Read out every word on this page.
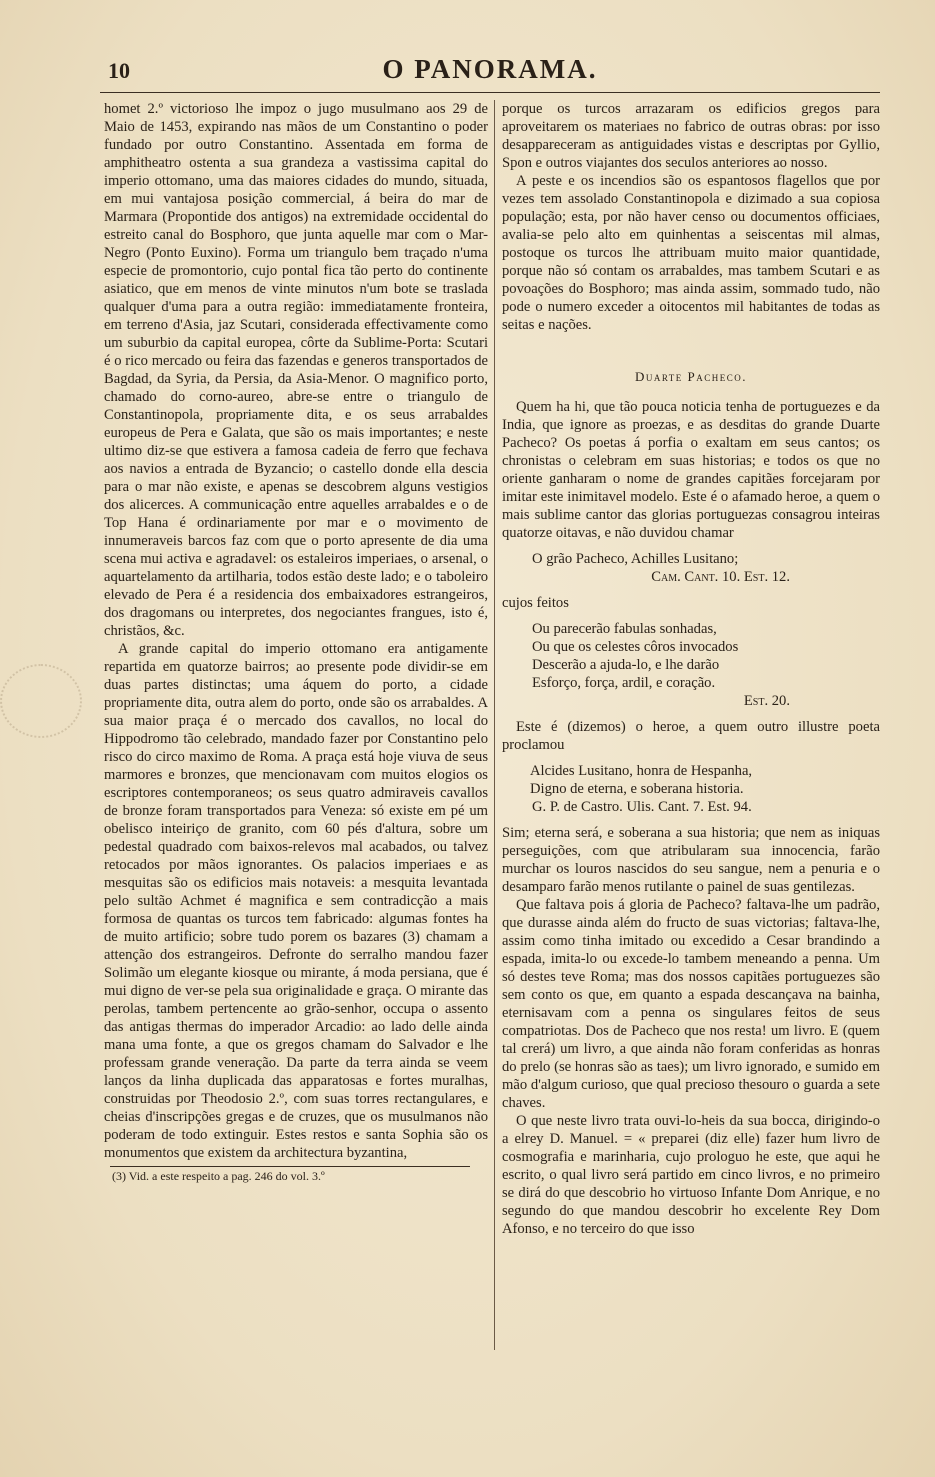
10	O PANORAMA.

homet 2.º victorioso lhe impoz o jugo musulmano aos 29 de Maio de 1453, expirando nas mãos de um Constantino o poder fundado por outro Constantino. Assentada em forma de amphitheatro ostenta a sua grandeza a vastissima capital do imperio ottomano, uma das maiores cidades do mundo, situada, em mui vantajosa posição commercial, á beira do mar de Marmara (Propontide dos antigos) na extremidade occidental do estreito canal do Bosphoro, que junta aquelle mar com o Mar-Negro (Ponto Euxino). Forma um triangulo bem traçado n'uma especie de promontorio, cujo pontal fica tão perto do continente asiatico, que em menos de vinte minutos n'um bote se trasladа qualquer d'uma para a outra região: immediatamente fronteira, em terreno d'Asia, jaz Scutari, considerada effectivamente como um suburbio da capital europea, côrte da Sublime-Porta: Scutari é o rico mercado ou feira das fazendas e generos transportados de Bagdad, da Syria, da Persia, da Asia-Menor. O magnifico porto, chamado do corno-aureo, abre-se entre o triangulo de Constantinopola, propriamente dita, e os seus arrabaldes europeus de Pera e Galata, que são os mais importantes; e neste ultimo diz-se que estivera a famosa cadeia de ferro que fechava aos navios a entrada de Byzancio; o castello donde ella descia para o mar não existe, e apenas se descobrem alguns vestigios dos alicerces. A communicação entre aquelles arrabaldes e o de Top Hana é ordinariamente por mar e o movimento de innumeraveis barcos faz com que o porto apresente de dia uma scena mui activa e agradavel: os estaleiros imperiaes, o arsenal, o aquartelamento da artilharia, todos estão deste lado; e o taboleiro elevado de Pera é a residencia dos embaixadores estrangeiros, dos dragomans ou interpretes, dos negociantes frangues, isto é, christãos, &c.

A grande capital do imperio ottomano era antigamente repartida em quatorze bairros; ao presente pode dividir-se em duas partes distinctas; uma áquem do porto, a cidade propriamente dita, outra alem do porto, onde são os arrabaldes. A sua maior praça é o mercado dos cavallos, no local do Hippodromo tão celebrado, mandado fazer por Constantino pelo risco do circo maximo de Roma. A praça está hoje viuva de seus marmores e bronzes, que mencionavam com muitos elogios os escriptores contemporaneos; os seus quatro admiraveis cavallos de bronze foram transportados para Veneza: só existe em pé um obelisco inteiriço de granito, com 60 pés d'altura, sobre um pedestal quadrado com baixos-relevos mal acabados, ou talvez retocados por mãos ignorantes. Os palacios imperiaes e as mesquitas são os edificios mais notaveis: a mesquita levantada pelo sultão Achmet é magnifica e sem contradicção a mais formosa de quantas os turcos tem fabricado: algumas fontes ha de muito artificio; sobre tudo porem os bazares (3) chamam a attenção dos estrangeiros. Defronte do serralho mandou fazer Solimão um elegante kiosque ou mirante, á moda persiana, que é mui digno de ver-se pela sua originalidade e graça. O mirante das perolas, tambem pertencente ao grão-senhor, occupa o assento das antigas thermas do imperador Arcadio: ao lado delle ainda mana uma fonte, a que os gregos chamam do Salvador e lhe professam grande veneração. Da parte da terra ainda se veem lanços da linha duplicada das apparatosas e fortes muralhas, construidas por Theodosio 2.º, com suas torres rectangulares, e cheias d'inscripções gregas e de cruzes, que os musulmanos não poderam de todo extinguir. Estes restos e santa Sophia são os monumentos que existem da architectura byzantina,

(3) Vid. a este respeito a pag. 246 do vol. 3.º

porque os turcos arrazaram os edificios gregos para aproveitarem os materiaes no fabrico de outras obras: por isso desappareceram as antiguidades vistas e descriptas por Gyllio, Spon e outros viajantes dos seculos anteriores ao nosso.

A peste e os incendios são os espantosos flagellos que por vezes tem assolado Constantinopola e dizimado a sua copiosa população; esta, por não haver censo ou documentos officiaes, avalia-se pelo alto em quinhentas a seiscentas mil almas, postoque os turcos lhe attribuam muito maior quantidade, porque não só contam os arrabaldes, mas tambem Scutari e as povoações do Bosphoro; mas ainda assim, sommado tudo, não pode o numero exceder a oitocentos mil habitantes de todas as seitas e nações.

Duarte Pacheco.

Quem ha hi, que tão pouca noticia tenha de portuguezes e da India, que ignore as proezas, e as desditas do grande Duarte Pacheco? Os poetas á porfia o exaltam em seus cantos; os chronistas o celebram em suas historias; e todos os que no oriente ganharam o nome de grandes capitães forcejaram por imitar este inimitavel modelo. Este é o afamado heroe, a quem o mais sublime cantor das glorias portuguezas consagrou inteiras quatorze oitavas, e não duvidou chamar

O grão Pacheco, Achilles Lusitano;
Cam. Cant. 10. Est. 12.

cujos feitos

Ou parecerão fabulas sonhadas,
Ou que os celestes côros invocados
Descerão a ajuda-lo, e lhe darão
Esforço, força, ardil, e coração.
Est. 20.

Este é (dizemos) o heroe, a quem outro illustre poeta proclamou

Alcides Lusitano, honra de Hespanha,
Digno de eterna, e soberana historia.
G. P. de Castro. Ulis. Cant. 7. Est. 94.

Sim; eterna será, e soberana a sua historia; que nem as iniquas perseguições, com que atribularam sua innocencia, farão murchar os louros nascidos do seu sangue, nem a penuria e o desamparo farão menos rutilante o painel de suas gentilezas.

Que faltava pois á gloria de Pacheco? faltava-lhe um padrão, que durasse ainda além do fructo de suas victorias; faltava-lhe, assim como tinha imitado ou excedido a Cesar brandindo a espada, imita-lo ou excede-lo tambem meneando a penna. Um só destes teve Roma; mas dos nossos capitães portuguezes são sem conto os que, em quanto a espada descançava na bainha, eternisavam com a penna os singulares feitos de seus compatriotas. Dos de Pacheco que nos resta! um livro. E (quem tal crerá) um livro, a que ainda não foram conferidas as honras do prelo (se honras são as taes); um livro ignorado, e sumido em mão d'algum curioso, que qual precioso thesouro o guarda a sete chaves.

O que neste livro trata ouvi-lo-heis da sua bocca, dirigindo-o a elrey D. Manuel. = « preparei (diz elle) fazer hum livro de cosmografia e marinharia, cujo prologuo he este, que aqui he escrito, o qual livro será partido em cinco livros, e no primeiro se dirá do que descobrio ho virtuoso Infante Dom Anrique, e no segundo do que mandou descobrir ho excelente Rey Dom Afonso, e no terceiro do que isso
